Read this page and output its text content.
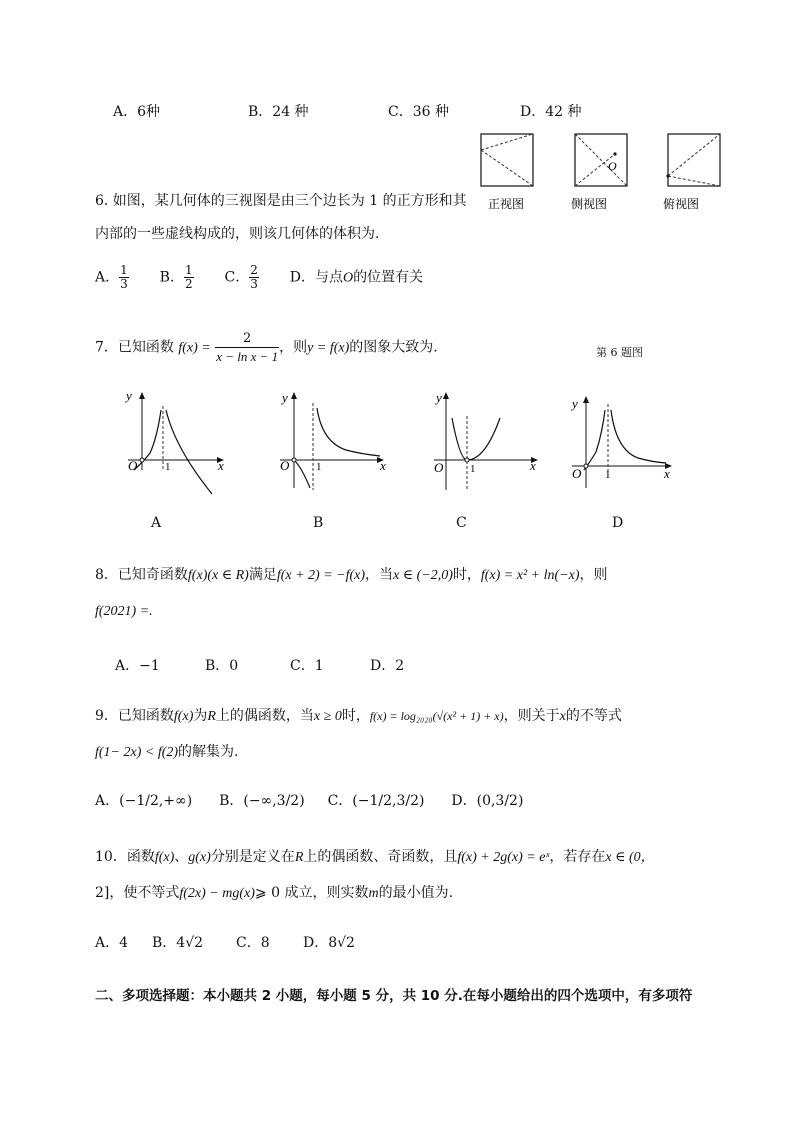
A．6种	B．24 种	C．36 种	D．42 种
O
正视图	侧视图	俯视图
6. 如图，某几何体的三视图是由三个边长为 1 的正方形和其
内部的一些虚线构成的，则该几何体的体积为.
A． $\frac{1}{3}$ B． $\frac{1}{2}$ C． $\frac{2}{3}$ D．与点O的位置有关
7．已知函数 $f(x) = \frac{2}{\text{x − ln x − 1}}$ ，则y = f(x)的图象大致为.	第 6 题图
y
x
O	1
y
x
O 1
y
x
O 1
y
x
O 1
A	B	C	D
8．已知奇函数f(x)(x ∈ R)满足f(x + 2) = −f(x)，当x ∈ (−2,0)时，f(x) = x² + ln(−x)，则
f(2021) =.
A．−1	B．0	C．1	D．2
9．已知函数f(x)为R上的偶函数，当x ≥ 0时，f(x) = log₂₀₂₀(√(x² + 1) + x)，则关于x的不等式
f(1− 2x) < f(2)的解集为.
A．(−1/2,+∞) B．(−∞,3/2) C．(−1/2,3/2) D．(0,3/2)
10．函数f(x)、g(x)分别是定义在R上的偶函数、奇函数，且f(x) + 2g(x) = eˣ，若存在x ∈ (0，
2]，使不等式f(2x) − mg(x)⩾ 0 成立，则实数m的最小值为.
A．4 B．4√2 C．8 D．8√2
二、多项选择题：本小题共 2 小题，每小题 5 分，共 10 分.在每小题给出的四个选项中，有多项符
